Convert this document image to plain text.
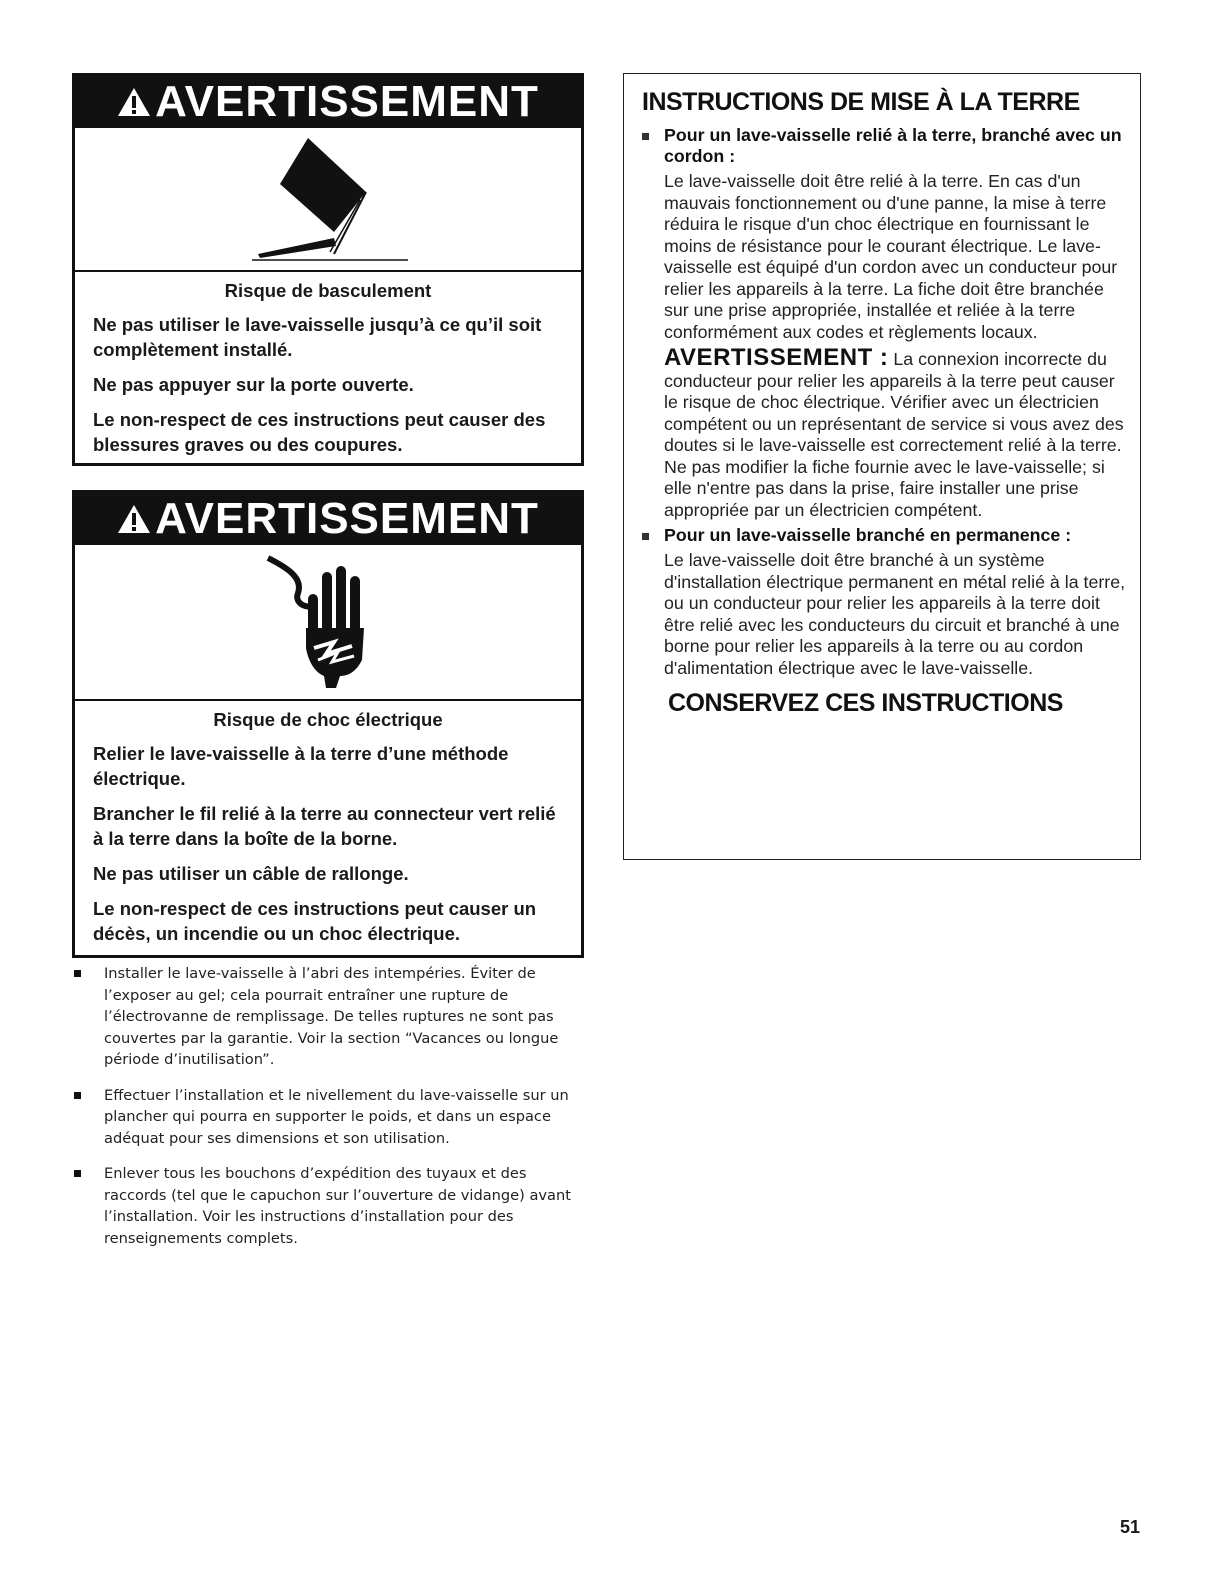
AVERTISSEMENT

Risque de basculement

Ne pas utiliser le lave-vaisselle jusqu’à ce qu’il soit complètement installé.

Ne pas appuyer sur la porte ouverte.

Le non-respect de ces instructions peut causer des blessures graves ou des coupures.

AVERTISSEMENT

Risque de choc électrique

Relier le lave-vaisselle à la terre d’une méthode électrique.

Brancher le fil relié à la terre au connecteur vert relié à la terre dans la boîte de la borne.

Ne pas utiliser un câble de rallonge.

Le non-respect de ces instructions peut causer un décès, un incendie ou un choc électrique.

Installer le lave-vaisselle à l’abri des intempéries. Éviter de l’exposer au gel; cela pourrait entraîner une rupture de l’électrovanne de remplissage. De telles ruptures ne sont pas couvertes par la garantie. Voir la section “Vacances ou longue période d’inutilisation”.
Effectuer l’installation et le nivellement du lave-vaisselle sur un plancher qui pourra en supporter le poids, et dans un espace adéquat pour ses dimensions et son utilisation.
Enlever tous les bouchons d’expédition des tuyaux et des raccords (tel que le capuchon sur l’ouverture de vidange) avant l’installation. Voir les instructions d’installation pour des renseignements complets.
INSTRUCTIONS DE MISE À LA TERRE

Pour un lave-vaisselle relié à la terre, branché avec un cordon :

Le lave-vaisselle doit être relié à la terre. En cas d'un mauvais fonctionnement ou d'une panne, la mise à terre réduira le risque d'un choc électrique en fournissant le moins de résistance pour le courant électrique. Le lave-vaisselle est équipé d'un cordon avec un conducteur pour relier les appareils à la terre. La fiche doit être branchée sur une prise appropriée, installée et reliée à la terre conformément aux codes et règlements locaux.

AVERTISSEMENT : La connexion incorrecte du conducteur pour relier les appareils à la terre peut causer le risque de choc électrique. Vérifier avec un électricien compétent ou un représentant de service si vous avez des doutes si le lave-vaisselle est correctement relié à la terre. Ne pas modifier la fiche fournie avec le lave-vaisselle; si elle n'entre pas dans la prise, faire installer une prise appropriée par un électricien compétent.

Pour un lave-vaisselle branché en permanence :

Le lave-vaisselle doit être branché à un système d'installation électrique permanent en métal relié à la terre, ou un conducteur pour relier les appareils à la terre doit être relié avec les conducteurs du circuit et branché à une borne pour relier les appareils à la terre ou au cordon d'alimentation électrique avec le lave-vaisselle.

CONSERVEZ CES INSTRUCTIONS
51
